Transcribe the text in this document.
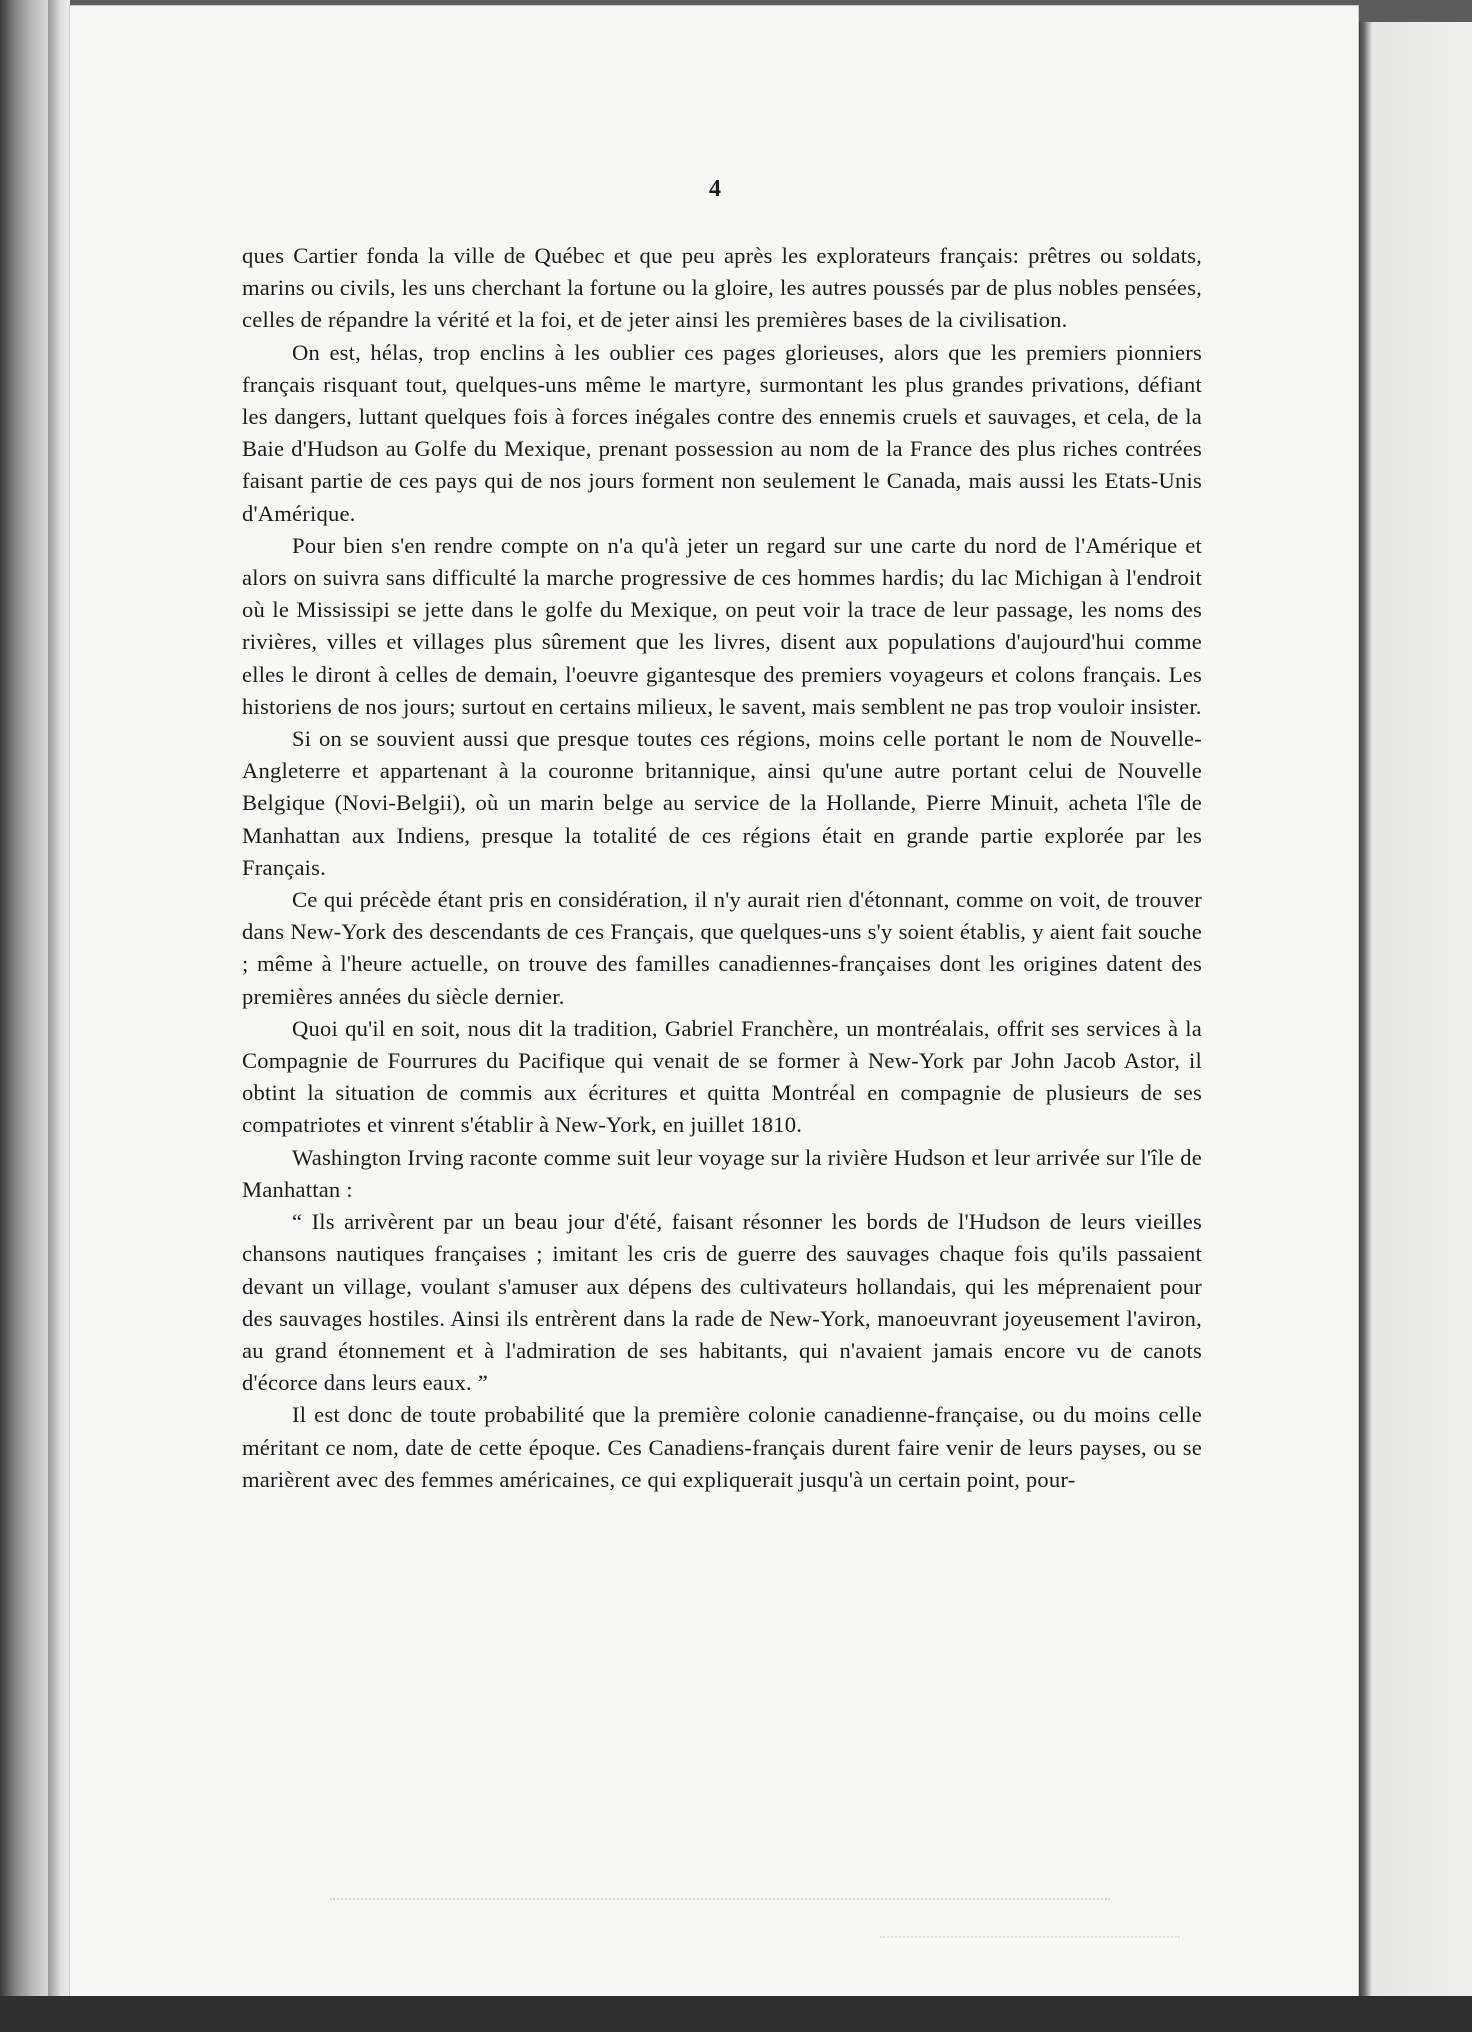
4

ques Cartier fonda la ville de Québec et que peu après les explorateurs français: prêtres ou soldats, marins ou civils, les uns cherchant la fortune ou la gloire, les autres poussés par de plus nobles pensées, celles de répandre la vérité et la foi, et de jeter ainsi les premières bases de la civilisation.

On est, hélas, trop enclins à les oublier ces pages glorieuses, alors que les premiers pionniers français risquant tout, quelques-uns même le martyre, surmontant les plus grandes privations, défiant les dangers, luttant quelques fois à forces inégales contre des ennemis cruels et sauvages, et cela, de la Baie d'Hudson au Golfe du Mexique, prenant possession au nom de la France des plus riches contrées faisant partie de ces pays qui de nos jours forment non seulement le Canada, mais aussi les Etats-Unis d'Amérique.

Pour bien s'en rendre compte on n'a qu'à jeter un regard sur une carte du nord de l'Amérique et alors on suivra sans difficulté la marche progressive de ces hommes hardis; du lac Michigan à l'endroit où le Mississipi se jette dans le golfe du Mexique, on peut voir la trace de leur passage, les noms des rivières, villes et villages plus sûrement que les livres, disent aux populations d'aujourd'hui comme elles le diront à celles de demain, l'oeuvre gigantesque des premiers voyageurs et colons français. Les historiens de nos jours; surtout en certains milieux, le savent, mais semblent ne pas trop vouloir insister.

Si on se souvient aussi que presque toutes ces régions, moins celle portant le nom de Nouvelle-Angleterre et appartenant à la couronne britannique, ainsi qu'une autre portant celui de Nouvelle Belgique (Novi-Belgii), où un marin belge au service de la Hollande, Pierre Minuit, acheta l'île de Manhattan aux Indiens, presque la totalité de ces régions était en grande partie explorée par les Français.

Ce qui précède étant pris en considération, il n'y aurait rien d'étonnant, comme on voit, de trouver dans New-York des descendants de ces Français, que quelques-uns s'y soient établis, y aient fait souche ; même à l'heure actuelle, on trouve des familles canadiennes-françaises dont les origines datent des premières années du siècle dernier.

Quoi qu'il en soit, nous dit la tradition, Gabriel Franchère, un montréalais, offrit ses services à la Compagnie de Fourrures du Pacifique qui venait de se former à New-York par John Jacob Astor, il obtint la situation de commis aux écritures et quitta Montréal en compagnie de plusieurs de ses compatriotes et vinrent s'établir à New-York, en juillet 1810.

Washington Irving raconte comme suit leur voyage sur la rivière Hudson et leur arrivée sur l'île de Manhattan :

“ Ils arrivèrent par un beau jour d'été, faisant résonner les bords de l'Hudson de leurs vieilles chansons nautiques françaises ; imitant les cris de guerre des sauvages chaque fois qu'ils passaient devant un village, voulant s'amuser aux dépens des cultivateurs hollandais, qui les méprenaient pour des sauvages hostiles. Ainsi ils entrèrent dans la rade de New-York, manoeuvrant joyeusement l'aviron, au grand étonnement et à l'admiration de ses habitants, qui n'avaient jamais encore vu de canots d'écorce dans leurs eaux. ”

Il est donc de toute probabilité que la première colonie canadienne-française, ou du moins celle méritant ce nom, date de cette époque. Ces Canadiens-français durent faire venir de leurs payses, ou se marièrent avec des femmes américaines, ce qui expliquerait jusqu'à un certain point, pour-
